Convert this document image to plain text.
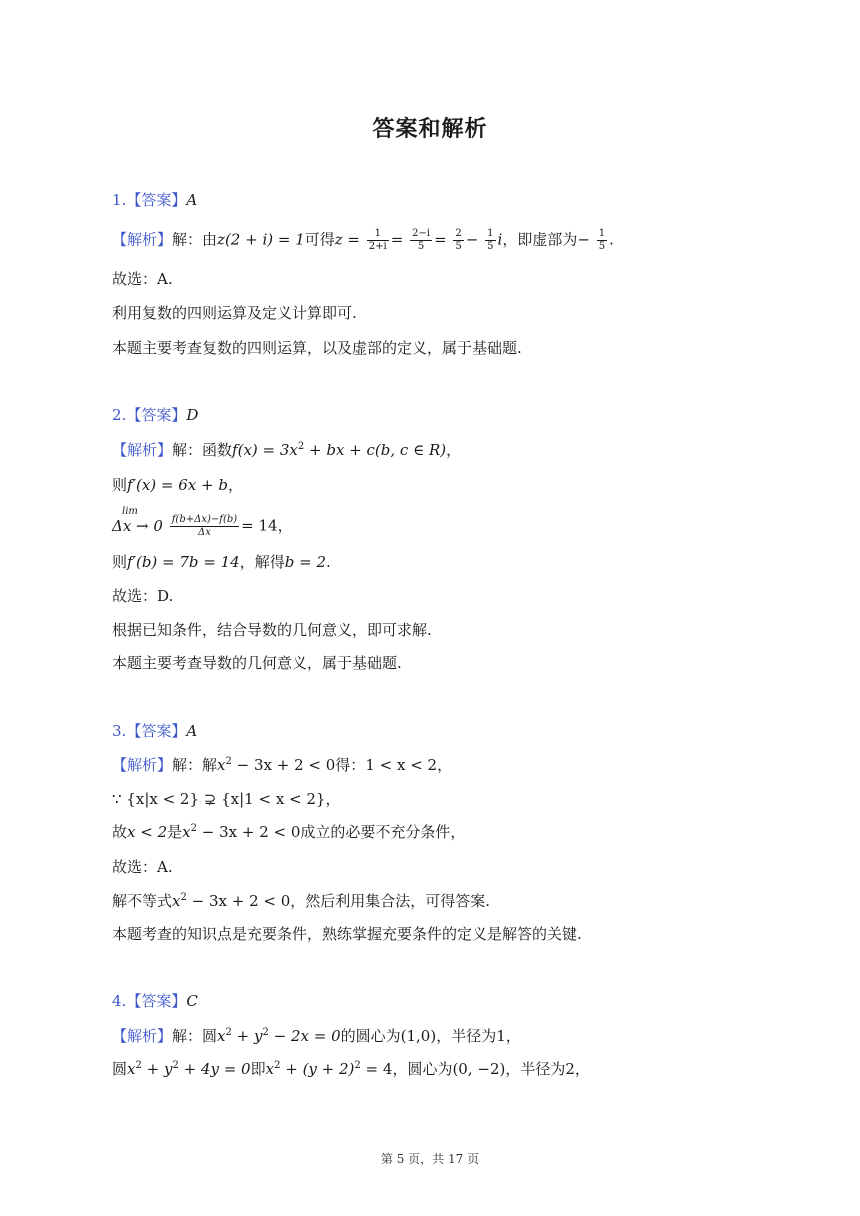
答案和解析
1.【答案】A
【解析】解：由z(2 + i) = 1可得$z = \frac{1}{2+i} = \frac{2-i}{5} = \frac{2}{5} - \frac{1}{5}$ i，即虚部为− $\frac{1}{5}$ .
故选：A.
利用复数的四则运算及定义计算即可.
本题主要考查复数的四则运算，以及虚部的定义，属于基础题.
2.【答案】D
【解析】解：函数$f(x) = 3x^2$ + bx + c(b, c ∈ R)，
则f′(x) = 6x + b，
lim
$\Delta x \to 0 \frac{f(b+\Delta x)-f(b)}{\Delta x} = 14$，
则f′(b) = 7b = 14，解得b = 2.
故选：D.
根据已知条件，结合导数的几何意义，即可求解.
本题主要考查导数的几何意义，属于基础题.
3.【答案】A
【解析】解：解$x^2 - 3x + 2 < 0$得：1 < x < 2，
∵ {x|x < 2} ⊋ {x|1 < x < 2}，
故x < 2是$x^2 - 3x + 2 < 0$成立的必要不充分条件，
故选：A.
解不等式$x^2 - 3x + 2 < 0$，然后利用集合法，可得答案.
本题考查的知识点是充要条件，熟练掌握充要条件的定义是解答的关键.
4.【答案】C
【解析】解：圆$x^2 + y^2 - 2x = 0$的圆心为(1,0)，半径为1，
圆$x^2 + y^2 + 4y = 0$即$x^2 + (y + 2)^2 = 4$，圆心为(0, −2)，半径为2，
第 5 页，共 17 页
